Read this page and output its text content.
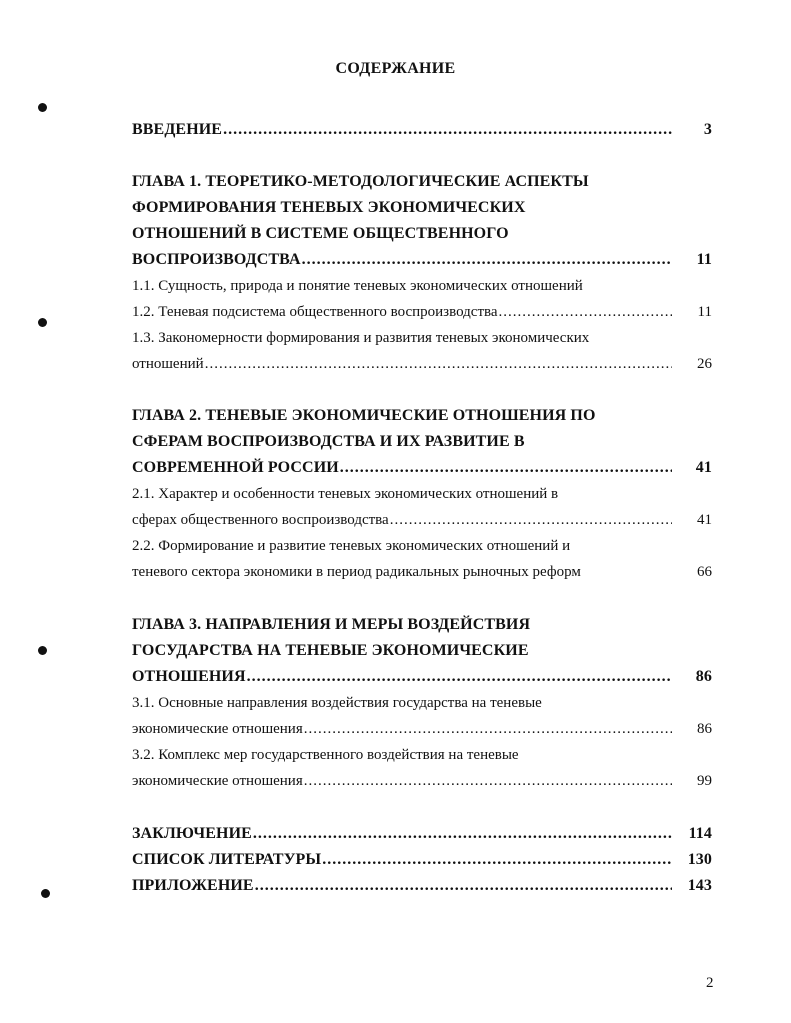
СОДЕРЖАНИЕ
ВВЕДЕНИЕ .....	3
ГЛАВА 1. ТЕОРЕТИКО-МЕТОДОЛОГИЧЕСКИЕ АСПЕКТЫ
ФОРМИРОВАНИЯ ТЕНЕВЫХ ЭКОНОМИЧЕСКИХ
ОТНОШЕНИЙ В СИСТЕМЕ ОБЩЕСТВЕННОГО
ВОСПРОИЗВОДСТВА .....	11
1.1. Сущность, природа и понятие теневых экономических отношений
1.2. Теневая подсистема общественного воспроизводства .....	11
1.3. Закономерности формирования и развития теневых экономических
отношений .....	26
ГЛАВА 2. ТЕНЕВЫЕ ЭКОНОМИЧЕСКИЕ ОТНОШЕНИЯ ПО
СФЕРАМ ВОСПРОИЗВОДСТВА И ИХ РАЗВИТИЕ В
СОВРЕМЕННОЙ РОССИИ .....	41
2.1. Характер и особенности теневых экономических отношений в
сферах общественного воспроизводства .....	41
2.2. Формирование и развитие теневых экономических отношений и
теневого сектора экономики в период радикальных рыночных реформ	66
ГЛАВА 3. НАПРАВЛЕНИЯ И МЕРЫ ВОЗДЕЙСТВИЯ
ГОСУДАРСТВА НА ТЕНЕВЫЕ ЭКОНОМИЧЕСКИЕ
ОТНОШЕНИЯ .....	86
3.1. Основные направления воздействия государства на теневые
экономические отношения .....	86
3.2. Комплекс мер государственного воздействия на теневые
экономические отношения .....	99
ЗАКЛЮЧЕНИЕ .....	114
СПИСОК ЛИТЕРАТУРЫ .....	130
ПРИЛОЖЕНИЕ .....	143
2
